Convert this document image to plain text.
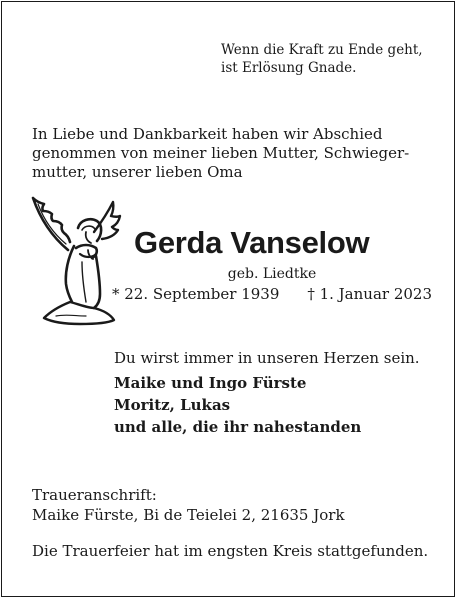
Wenn die Kraft zu Ende geht,
ist Erlösung Gnade.
In Liebe und Dankbarkeit haben wir Abschied
genommen von meiner lieben Mutter, Schwieger-
mutter, unserer lieben Oma
Gerda Vanselow
geb. Liedtke
* 22. September 1939 † 1. Januar 2023
Du wirst immer in unseren Herzen sein.
Maike und Ingo Fürste
Moritz, Lukas
und alle, die ihr nahestanden
Traueranschrift:
Maike Fürste, Bi de Teielei 2, 21635 Jork
Die Trauerfeier hat im engsten Kreis stattgefunden.
